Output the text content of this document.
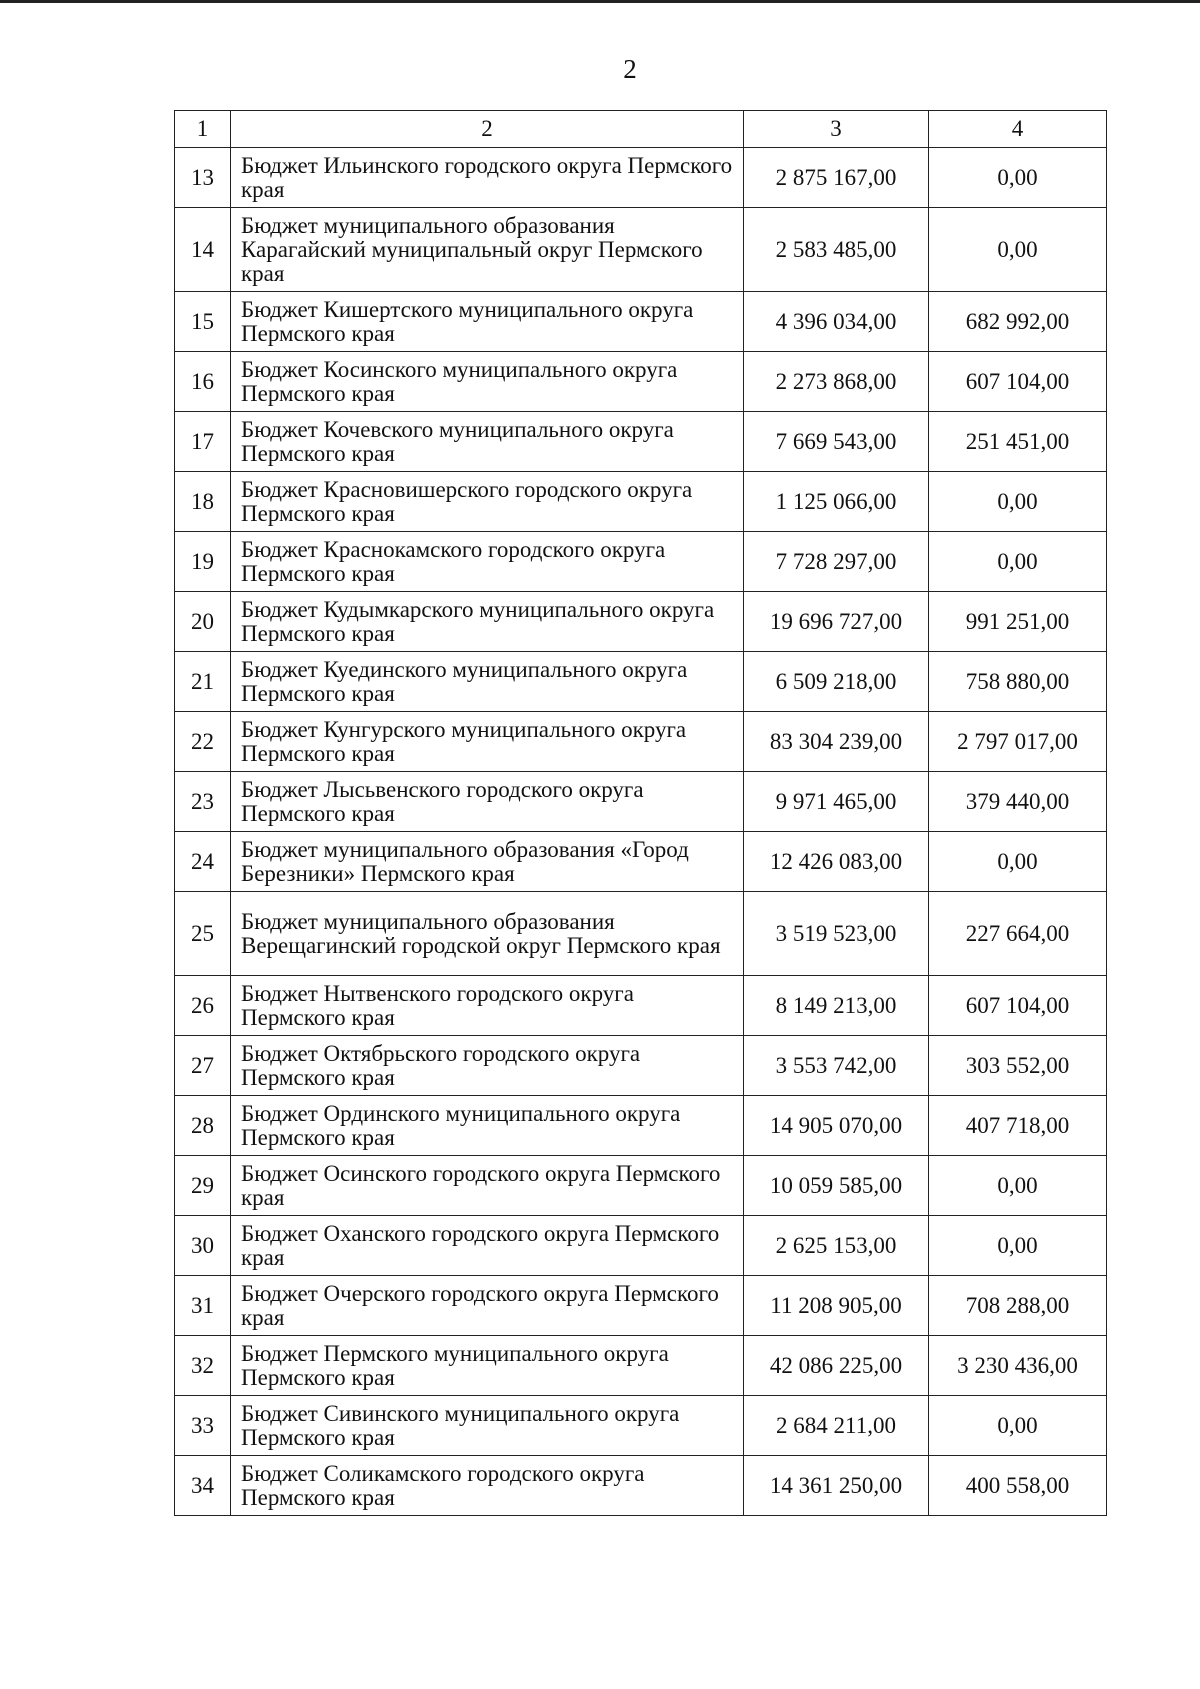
2
1	2	3	4
13	Бюджет Ильинского городского округа Пермского края	2 875 167,00	0,00
14	Бюджет муниципального образования Карагайский муниципальный округ Пермского края	2 583 485,00	0,00
15	Бюджет Кишертского муниципального округа Пермского края	4 396 034,00	682 992,00
16	Бюджет Косинского муниципального округа Пермского края	2 273 868,00	607 104,00
17	Бюджет Кочевского муниципального округа Пермского края	7 669 543,00	251 451,00
18	Бюджет Красновишерского городского округа Пермского края	1 125 066,00	0,00
19	Бюджет Краснокамского городского округа Пермского края	7 728 297,00	0,00
20	Бюджет Кудымкарского муниципального округа Пермского края	19 696 727,00	991 251,00
21	Бюджет Куединского муниципального округа Пермского края	6 509 218,00	758 880,00
22	Бюджет Кунгурского муниципального округа Пермского края	83 304 239,00	2 797 017,00
23	Бюджет Лысьвенского городского округа Пермского края	9 971 465,00	379 440,00
24	Бюджет муниципального образования «Город Березники» Пермского края	12 426 083,00	0,00
25	Бюджет муниципального образования Верещагинский городской округ Пермского края	3 519 523,00	227 664,00
26	Бюджет Нытвенского городского округа Пермского края	8 149 213,00	607 104,00
27	Бюджет Октябрьского городского округа Пермского края	3 553 742,00	303 552,00
28	Бюджет Ординского муниципального округа Пермского края	14 905 070,00	407 718,00
29	Бюджет Осинского городского округа Пермского края	10 059 585,00	0,00
30	Бюджет Оханского городского округа Пермского края	2 625 153,00	0,00
31	Бюджет Очерского городского округа Пермского края	11 208 905,00	708 288,00
32	Бюджет Пермского муниципального округа Пермского края	42 086 225,00	3 230 436,00
33	Бюджет Сивинского муниципального округа Пермского края	2 684 211,00	0,00
34	Бюджет Соликамского городского округа Пермского края	14 361 250,00	400 558,00
